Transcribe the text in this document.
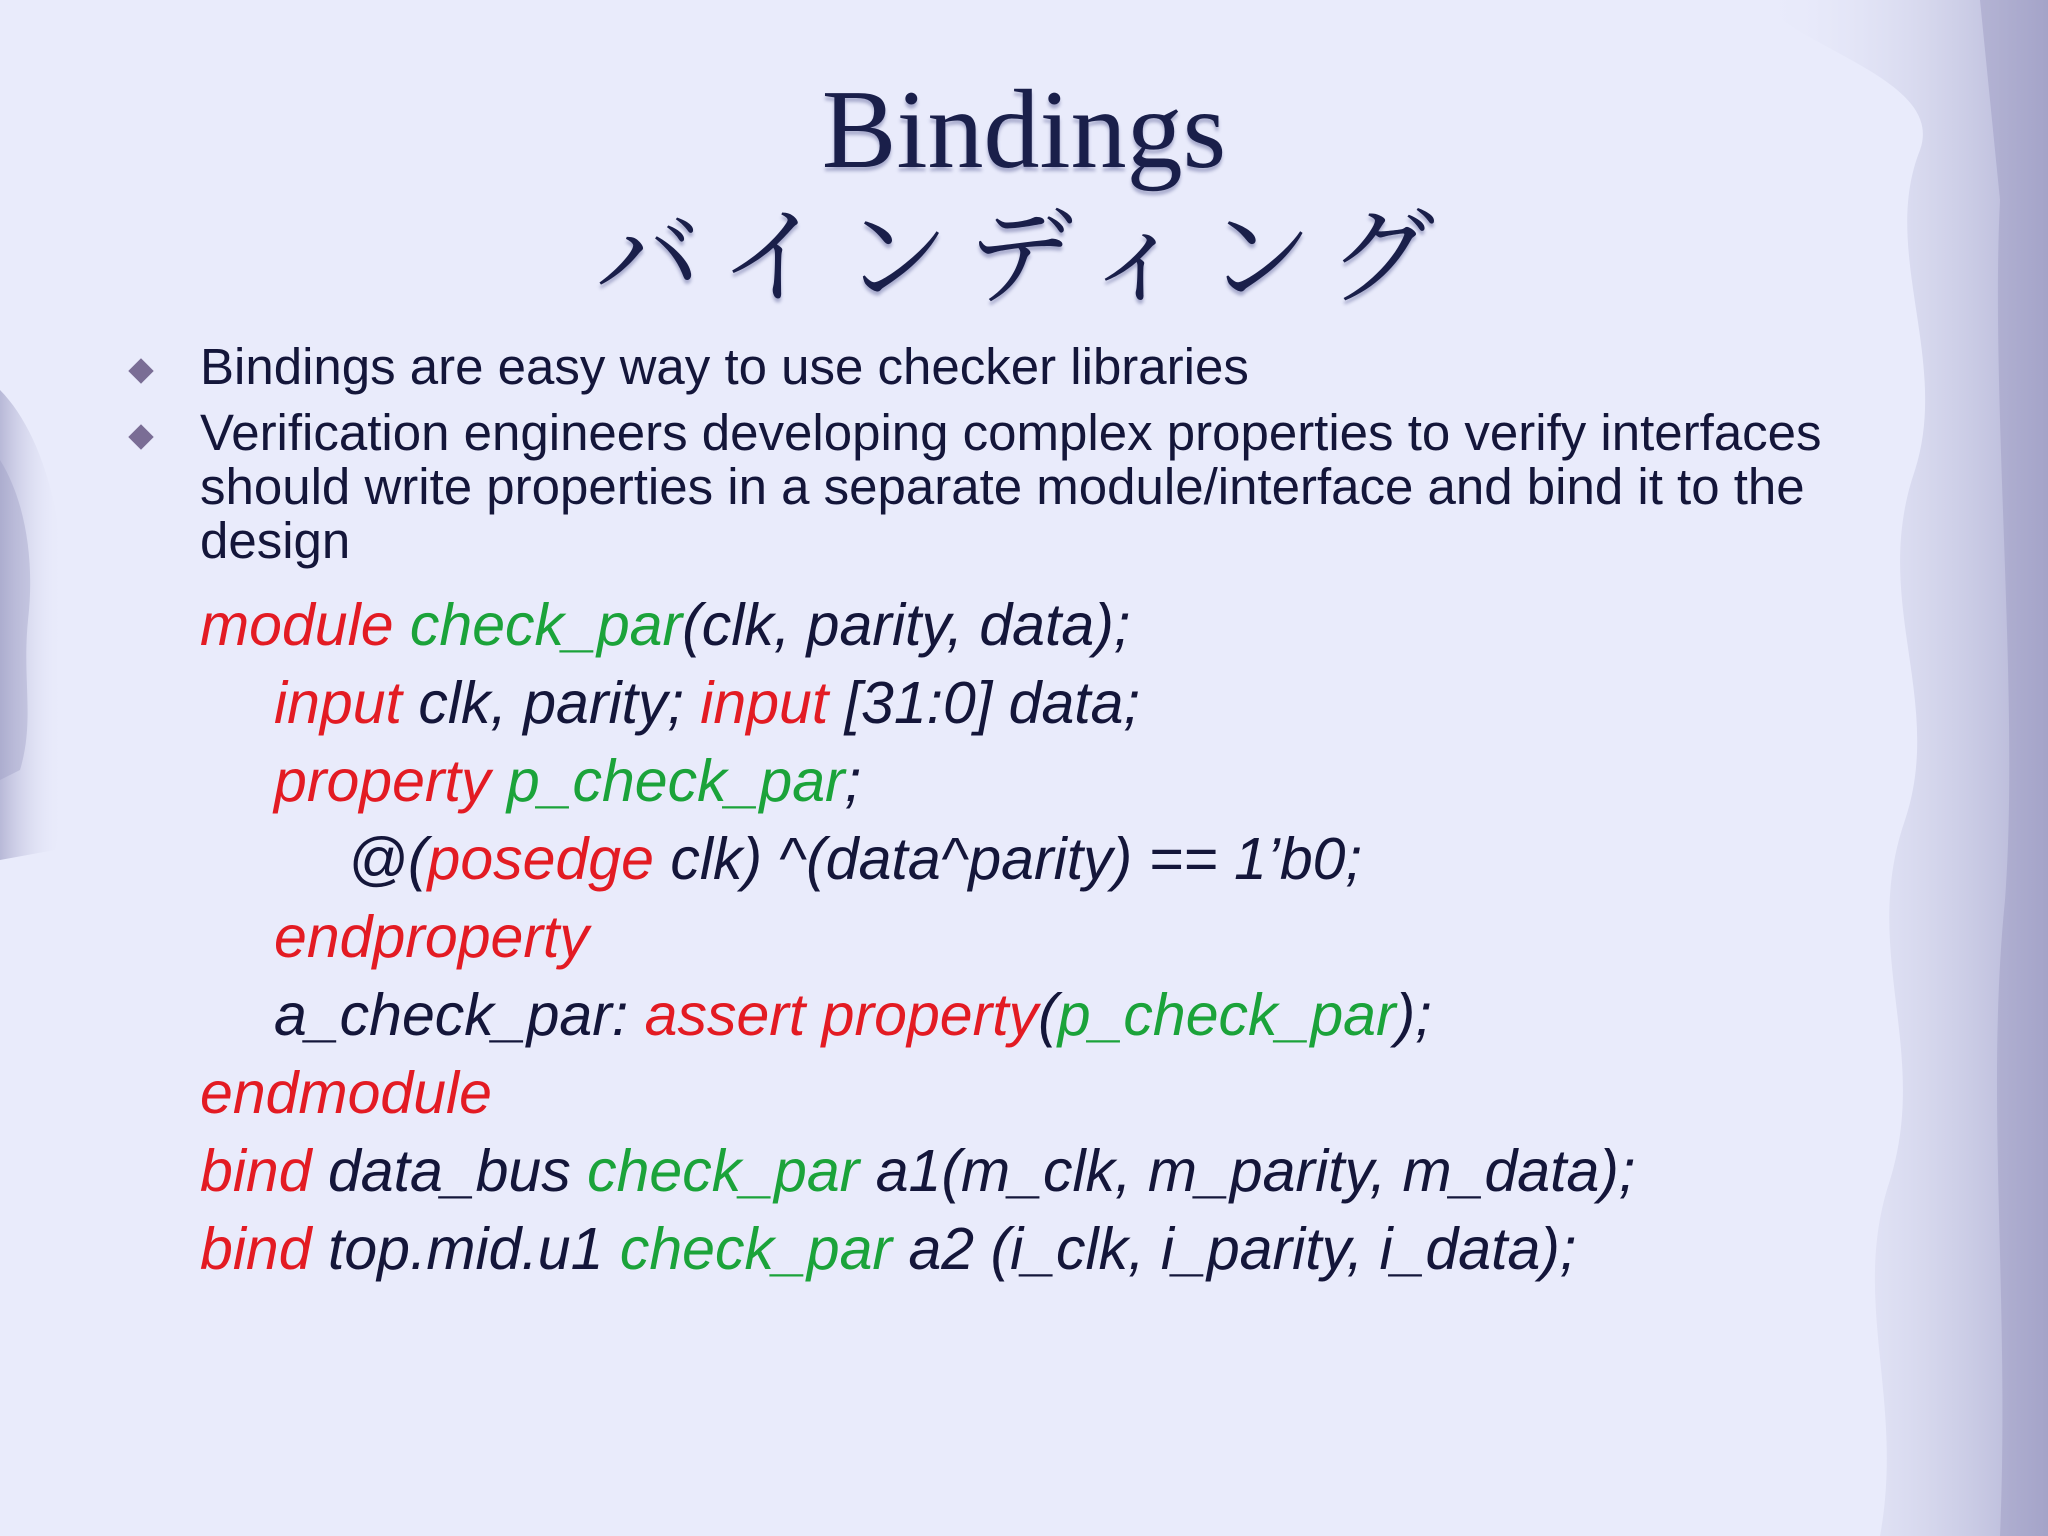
Bindings
バインディング
Bindings are easy way to use checker libraries
Verification engineers developing complex properties to verify interfaces should write properties in a separate module/interface and bind it to the design
module check_par(clk, parity, data);
input clk, parity; input [31:0] data;
property p_check_par;
@(posedge clk) ^(data^parity) == 1’b0;
endproperty
a_check_par: assert property(p_check_par);
endmodule
bind data_bus check_par a1(m_clk, m_parity, m_data);
bind top.mid.u1 check_par a2 (i_clk, i_parity, i_data);
